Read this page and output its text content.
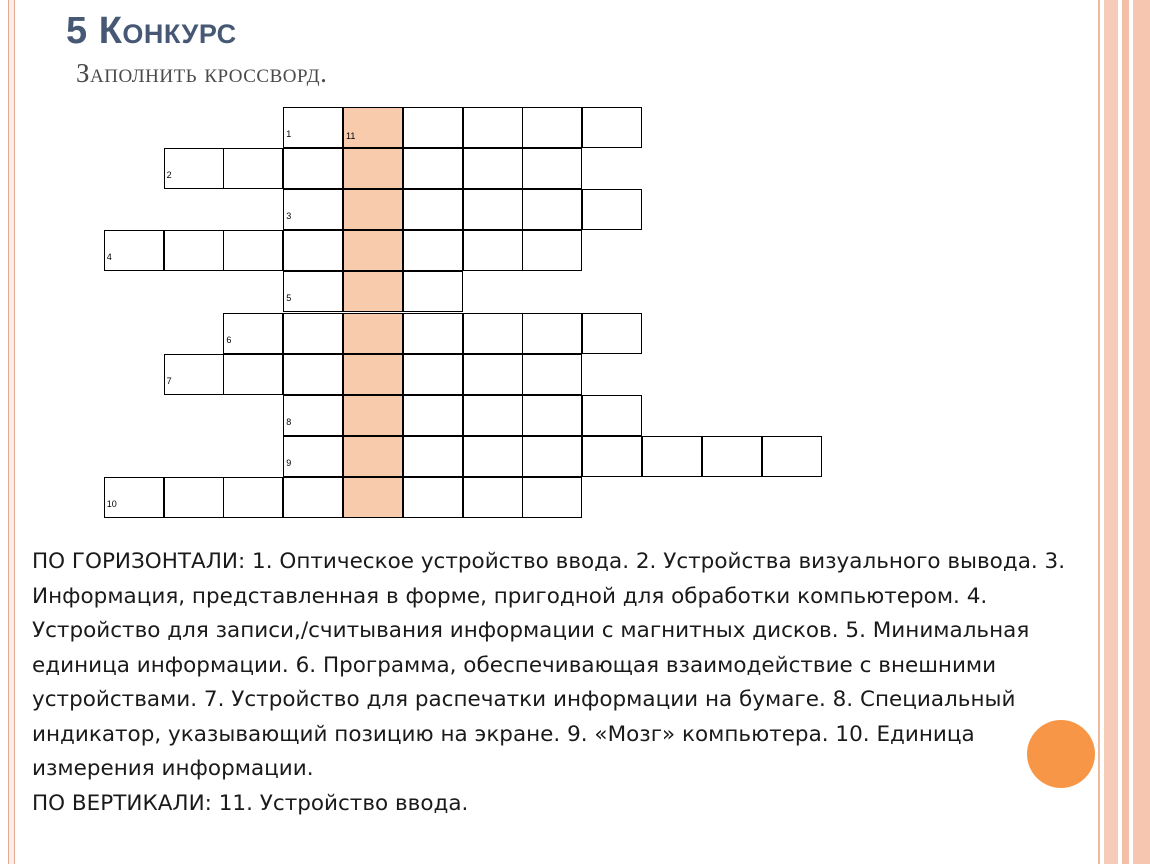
5 Конкурс
Заполнить кроссворд.
1	11
2
3
4
5
6
7
8
9
10

ПО ГОРИЗОНТАЛИ: 1. Оптическое устройство ввода. 2. Устройства визуального вывода. 3. Информация, представленная в форме, пригодной для обработки компьютером. 4. Устройство для записи,/считывания информации с магнитных дисков. 5. Минимальная единица информации. 6. Программа, обеспечивающая взаимодействие с внешними устройствами. 7. Устройство для распечатки информации на бумаге. 8. Специальный индикатор, указывающий позицию на экране. 9. «Мозг» компьютера. 10. Единица измерения информации.

ПО ВЕРТИКАЛИ: 11. Устройство ввода.
